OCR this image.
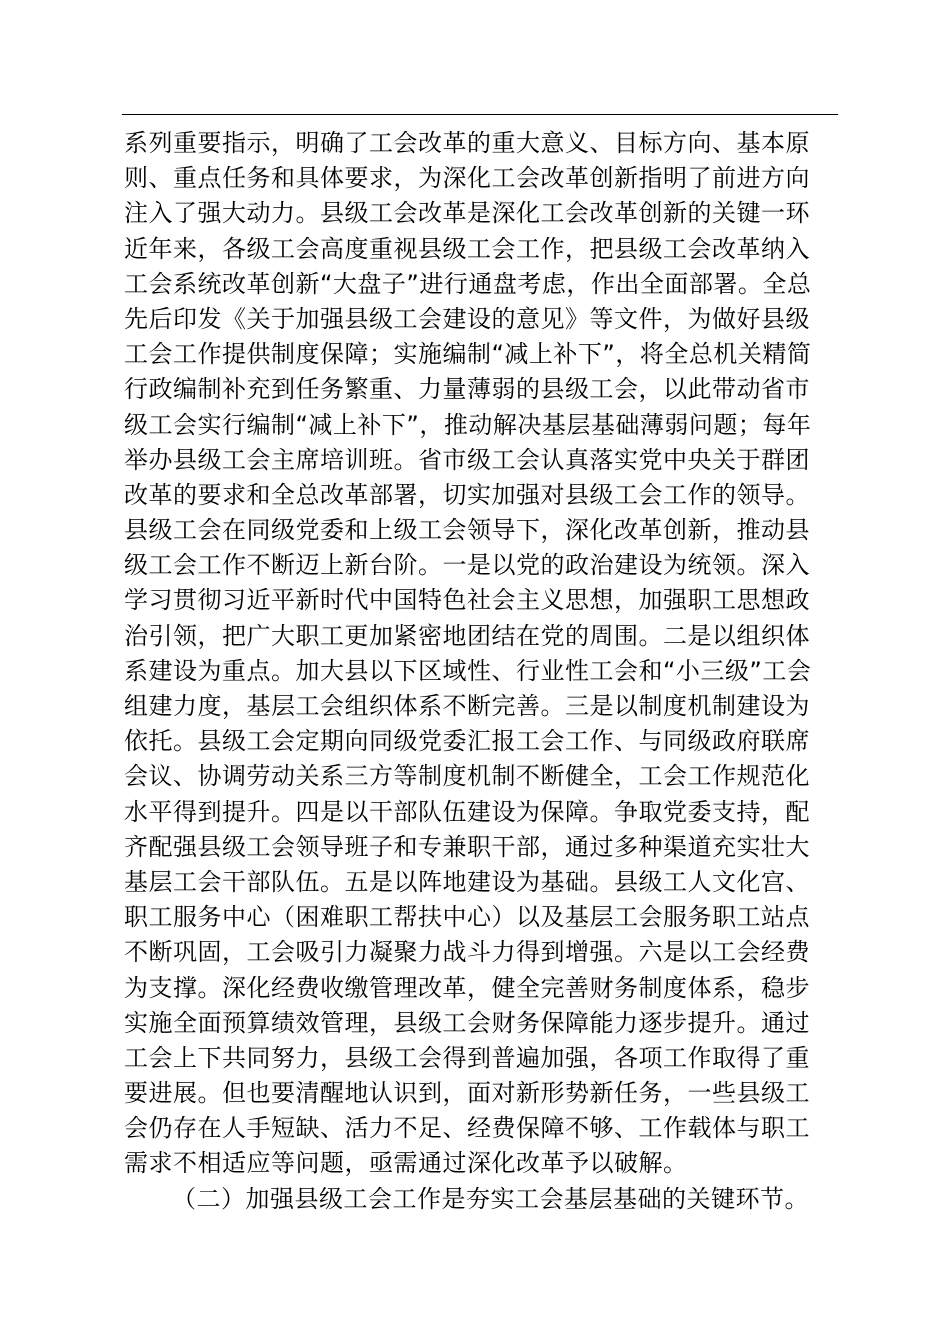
系列重要指示，明确了工会改革的重大意义、目标方向、基本原
则、重点任务和具体要求，为深化工会改革创新指明了前进方向
注入了强大动力。县级工会改革是深化工会改革创新的关键一环
近年来，各级工会高度重视县级工会工作，把县级工会改革纳入
工会系统改革创新“大盘子”进行通盘考虑，作出全面部署。全总
先后印发《关于加强县级工会建设的意见》等文件，为做好县级
工会工作提供制度保障；实施编制“减上补下”，将全总机关精简
行政编制补充到任务繁重、力量薄弱的县级工会，以此带动省市
级工会实行编制“减上补下”，推动解决基层基础薄弱问题；每年
举办县级工会主席培训班。省市级工会认真落实党中央关于群团
改革的要求和全总改革部署，切实加强对县级工会工作的领导。
县级工会在同级党委和上级工会领导下，深化改革创新，推动县
级工会工作不断迈上新台阶。一是以党的政治建设为统领。深入
学习贯彻习近平新时代中国特色社会主义思想，加强职工思想政
治引领，把广大职工更加紧密地团结在党的周围。二是以组织体
系建设为重点。加大县以下区域性、行业性工会和“小三级”工会
组建力度，基层工会组织体系不断完善。三是以制度机制建设为
依托。县级工会定期向同级党委汇报工会工作、与同级政府联席
会议、协调劳动关系三方等制度机制不断健全，工会工作规范化
水平得到提升。四是以干部队伍建设为保障。争取党委支持，配
齐配强县级工会领导班子和专兼职干部，通过多种渠道充实壮大
基层工会干部队伍。五是以阵地建设为基础。县级工人文化宫、
职工服务中心（困难职工帮扶中心）以及基层工会服务职工站点
不断巩固，工会吸引力凝聚力战斗力得到增强。六是以工会经费
为支撑。深化经费收缴管理改革，健全完善财务制度体系，稳步
实施全面预算绩效管理，县级工会财务保障能力逐步提升。通过
工会上下共同努力，县级工会得到普遍加强，各项工作取得了重
要进展。但也要清醒地认识到，面对新形势新任务，一些县级工
会仍存在人手短缺、活力不足、经费保障不够、工作载体与职工
需求不相适应等问题，亟需通过深化改革予以破解。
（二）加强县级工会工作是夯实工会基层基础的关键环节。
